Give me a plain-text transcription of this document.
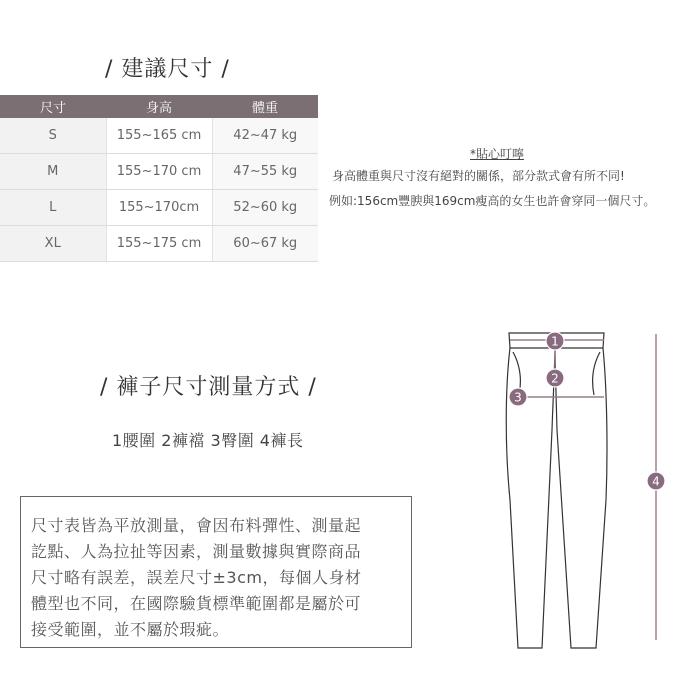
/ 建議尺寸 /
尺寸	身高	體重
S	155~165 cm	42~47 kg
M	155~170 cm	47~55 kg
L	155~170cm	52~60 kg
XL	155~175 cm	60~67 kg
*貼心叮嚀
身高體重與尺寸沒有絕對的關係，部分款式會有所不同!
例如:156cm豐腴與169cm瘦高的女生也許會穿同一個尺寸。
/ 褲子尺寸測量方式 /
1腰圍 2褲襠 3臀圍 4褲長
尺寸表皆為平放測量，會因布料彈性、測量起
訖點、人為拉扯等因素，測量數據與實際商品
尺寸略有誤差，誤差尺寸±3cm，每個人身材
體型也不同，在國際驗貨標準範圍都是屬於可
接受範圍，並不屬於瑕疵。
1
2
3
4
